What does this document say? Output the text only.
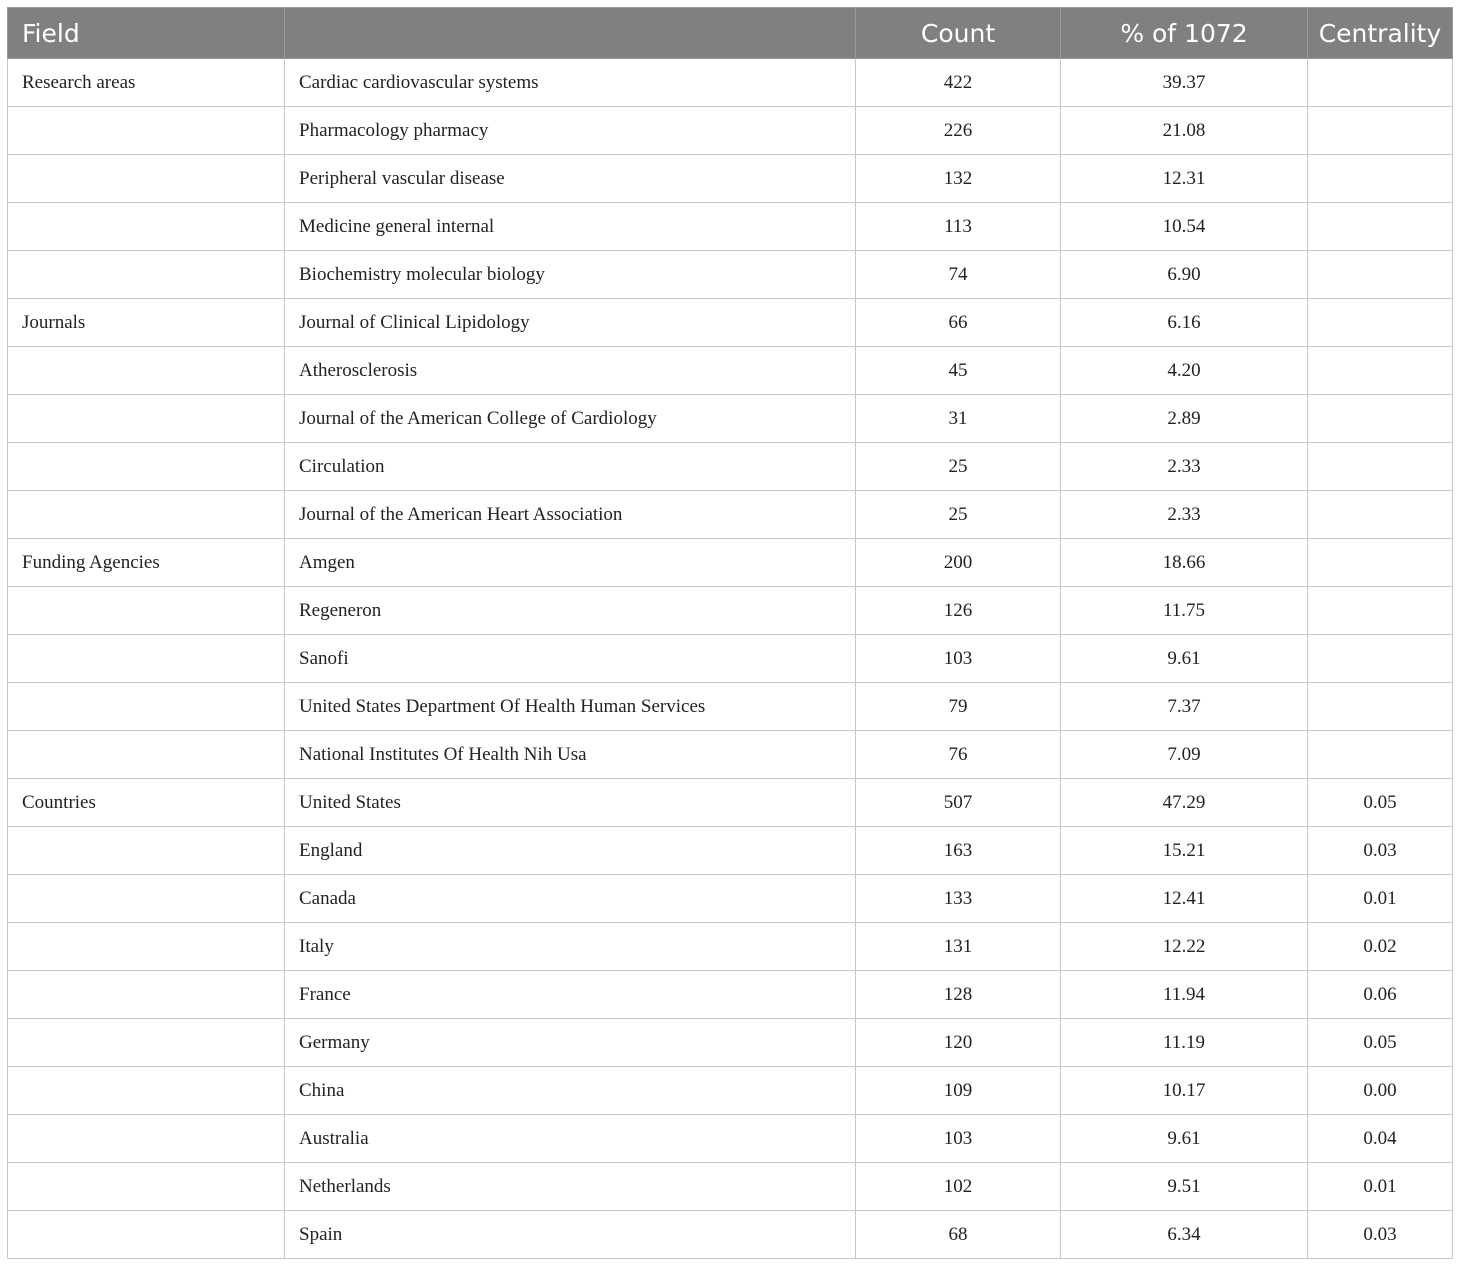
Field		Count	% of 1072	Centrality
Research areas	Cardiac cardiovascular systems	422	39.37	
	Pharmacology pharmacy	226	21.08	
	Peripheral vascular disease	132	12.31	
	Medicine general internal	113	10.54	
	Biochemistry molecular biology	74	6.90	
Journals	Journal of Clinical Lipidology	66	6.16	
	Atherosclerosis	45	4.20	
	Journal of the American College of Cardiology	31	2.89	
	Circulation	25	2.33	
	Journal of the American Heart Association	25	2.33	
Funding Agencies	Amgen	200	18.66	
	Regeneron	126	11.75	
	Sanofi	103	9.61	
	United States Department Of Health Human Services	79	7.37	
	National Institutes Of Health Nih Usa	76	7.09	
Countries	United States	507	47.29	0.05
	England	163	15.21	0.03
	Canada	133	12.41	0.01
	Italy	131	12.22	0.02
	France	128	11.94	0.06
	Germany	120	11.19	0.05
	China	109	10.17	0.00
	Australia	103	9.61	0.04
	Netherlands	102	9.51	0.01
	Spain	68	6.34	0.03
